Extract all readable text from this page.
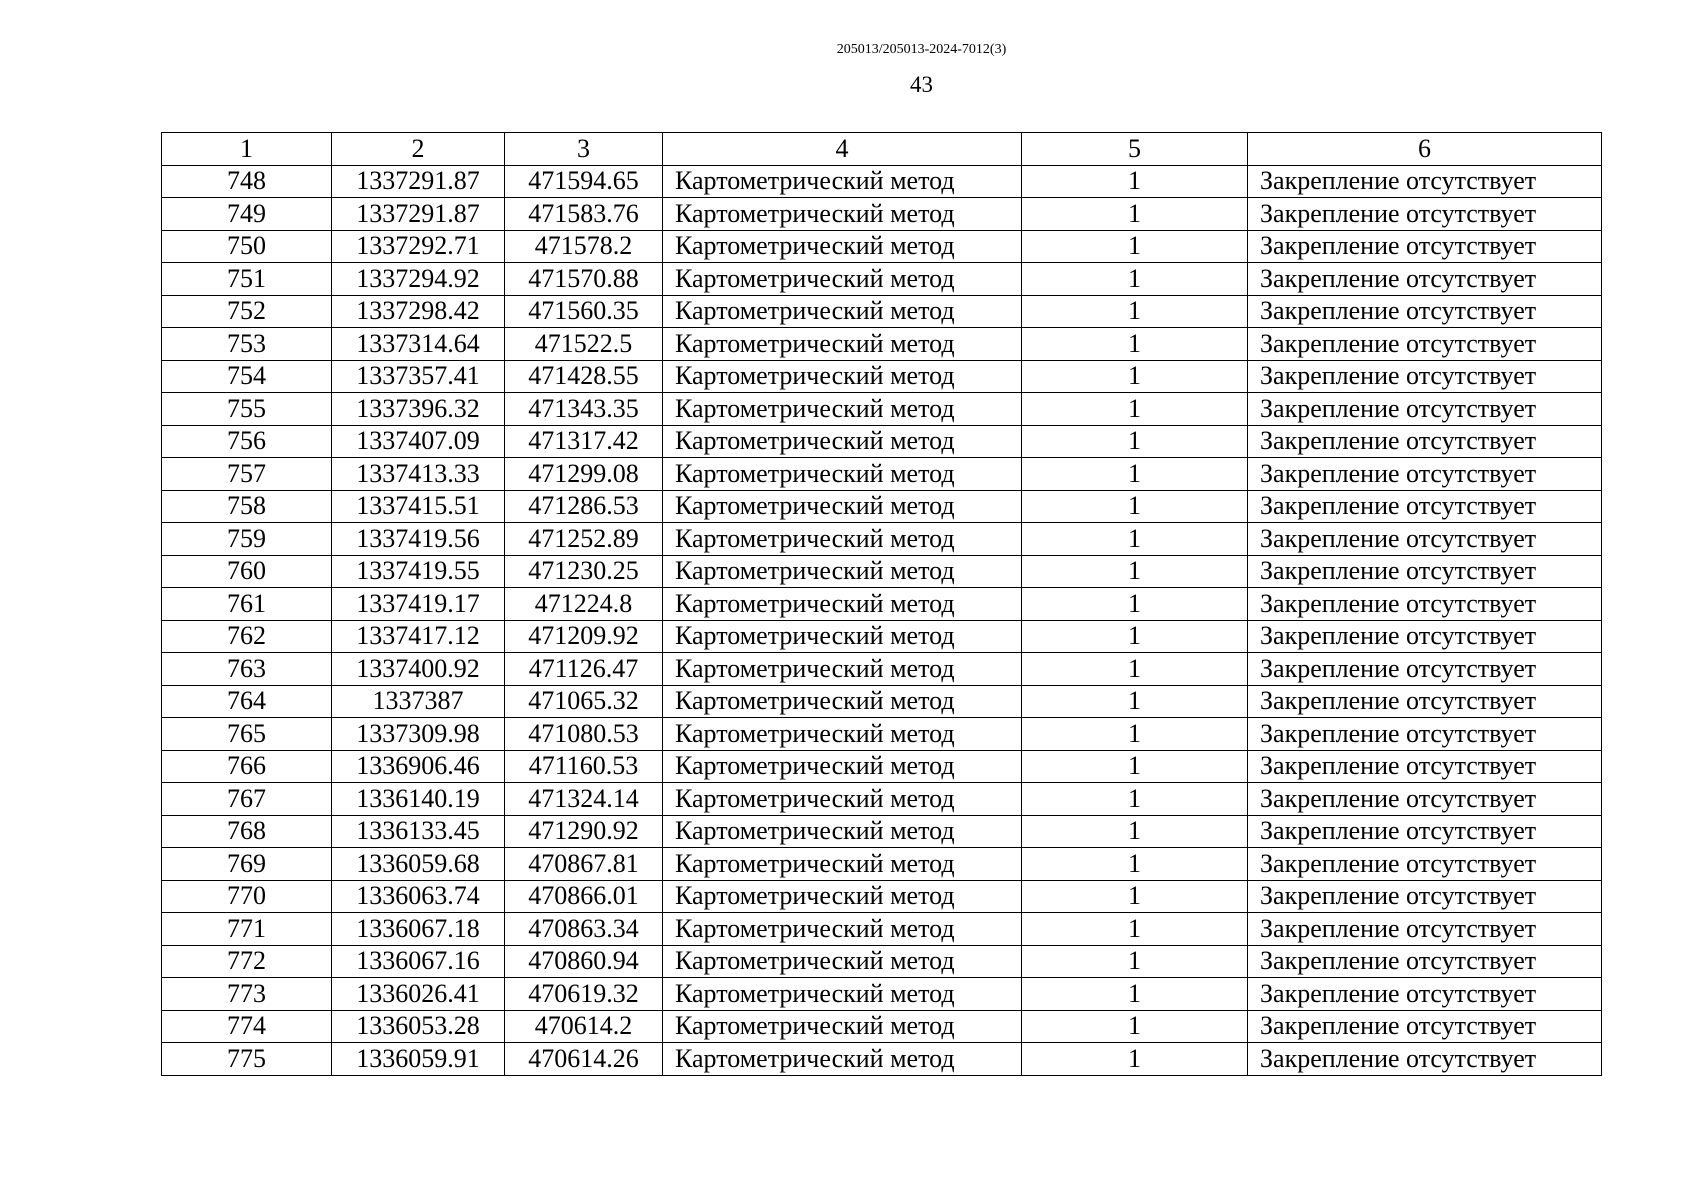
205013/205013-2024-7012(3)
43
1	2	3	4	5	6
748	1337291.87	471594.65	Картометрический метод	1	Закрепление отсутствует
749	1337291.87	471583.76	Картометрический метод	1	Закрепление отсутствует
750	1337292.71	471578.2	Картометрический метод	1	Закрепление отсутствует
751	1337294.92	471570.88	Картометрический метод	1	Закрепление отсутствует
752	1337298.42	471560.35	Картометрический метод	1	Закрепление отсутствует
753	1337314.64	471522.5	Картометрический метод	1	Закрепление отсутствует
754	1337357.41	471428.55	Картометрический метод	1	Закрепление отсутствует
755	1337396.32	471343.35	Картометрический метод	1	Закрепление отсутствует
756	1337407.09	471317.42	Картометрический метод	1	Закрепление отсутствует
757	1337413.33	471299.08	Картометрический метод	1	Закрепление отсутствует
758	1337415.51	471286.53	Картометрический метод	1	Закрепление отсутствует
759	1337419.56	471252.89	Картометрический метод	1	Закрепление отсутствует
760	1337419.55	471230.25	Картометрический метод	1	Закрепление отсутствует
761	1337419.17	471224.8	Картометрический метод	1	Закрепление отсутствует
762	1337417.12	471209.92	Картометрический метод	1	Закрепление отсутствует
763	1337400.92	471126.47	Картометрический метод	1	Закрепление отсутствует
764	1337387	471065.32	Картометрический метод	1	Закрепление отсутствует
765	1337309.98	471080.53	Картометрический метод	1	Закрепление отсутствует
766	1336906.46	471160.53	Картометрический метод	1	Закрепление отсутствует
767	1336140.19	471324.14	Картометрический метод	1	Закрепление отсутствует
768	1336133.45	471290.92	Картометрический метод	1	Закрепление отсутствует
769	1336059.68	470867.81	Картометрический метод	1	Закрепление отсутствует
770	1336063.74	470866.01	Картометрический метод	1	Закрепление отсутствует
771	1336067.18	470863.34	Картометрический метод	1	Закрепление отсутствует
772	1336067.16	470860.94	Картометрический метод	1	Закрепление отсутствует
773	1336026.41	470619.32	Картометрический метод	1	Закрепление отсутствует
774	1336053.28	470614.2	Картометрический метод	1	Закрепление отсутствует
775	1336059.91	470614.26	Картометрический метод	1	Закрепление отсутствует
